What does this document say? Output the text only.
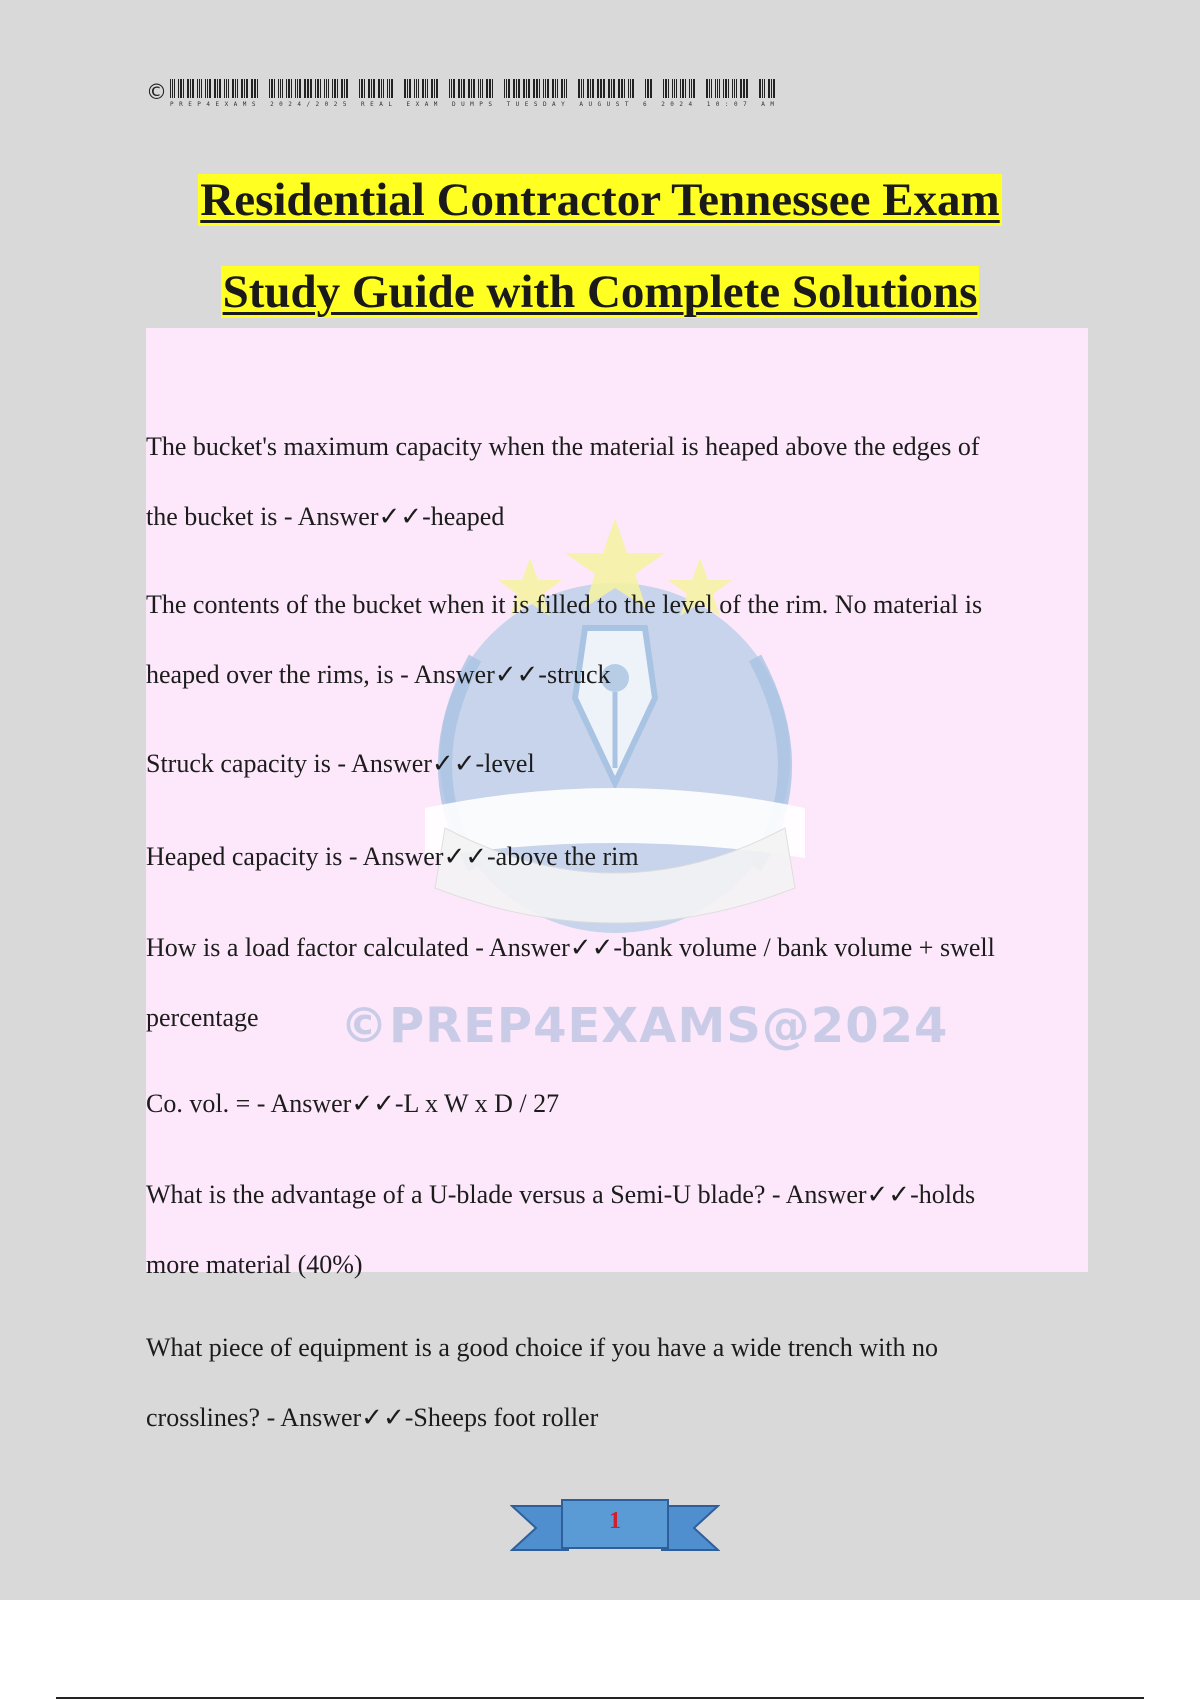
©
PREP4EXAMS 2024/2025 REAL EXAM DUMPS TUESDAY AUGUST 6 2024 10:07 AM
Residential Contractor Tennessee Exam
Study Guide with Complete Solutions
©PREP4EXAMS@2024
The bucket's maximum capacity when the material is heaped above the edges of
the bucket is - Answer✓✓-heaped
The contents of the bucket when it is filled to the level of the rim. No material is
heaped over the rims, is - Answer✓✓-struck
Struck capacity is - Answer✓✓-level
Heaped capacity is - Answer✓✓-above the rim
How is a load factor calculated - Answer✓✓-bank volume / bank volume + swell
percentage
Co. vol. = - Answer✓✓-L x W x D / 27
What is the advantage of a U-blade versus a Semi-U blade? - Answer✓✓-holds
more material (40%)
What piece of equipment is a good choice if you have a wide trench with no
crosslines? - Answer✓✓-Sheeps foot roller
1
